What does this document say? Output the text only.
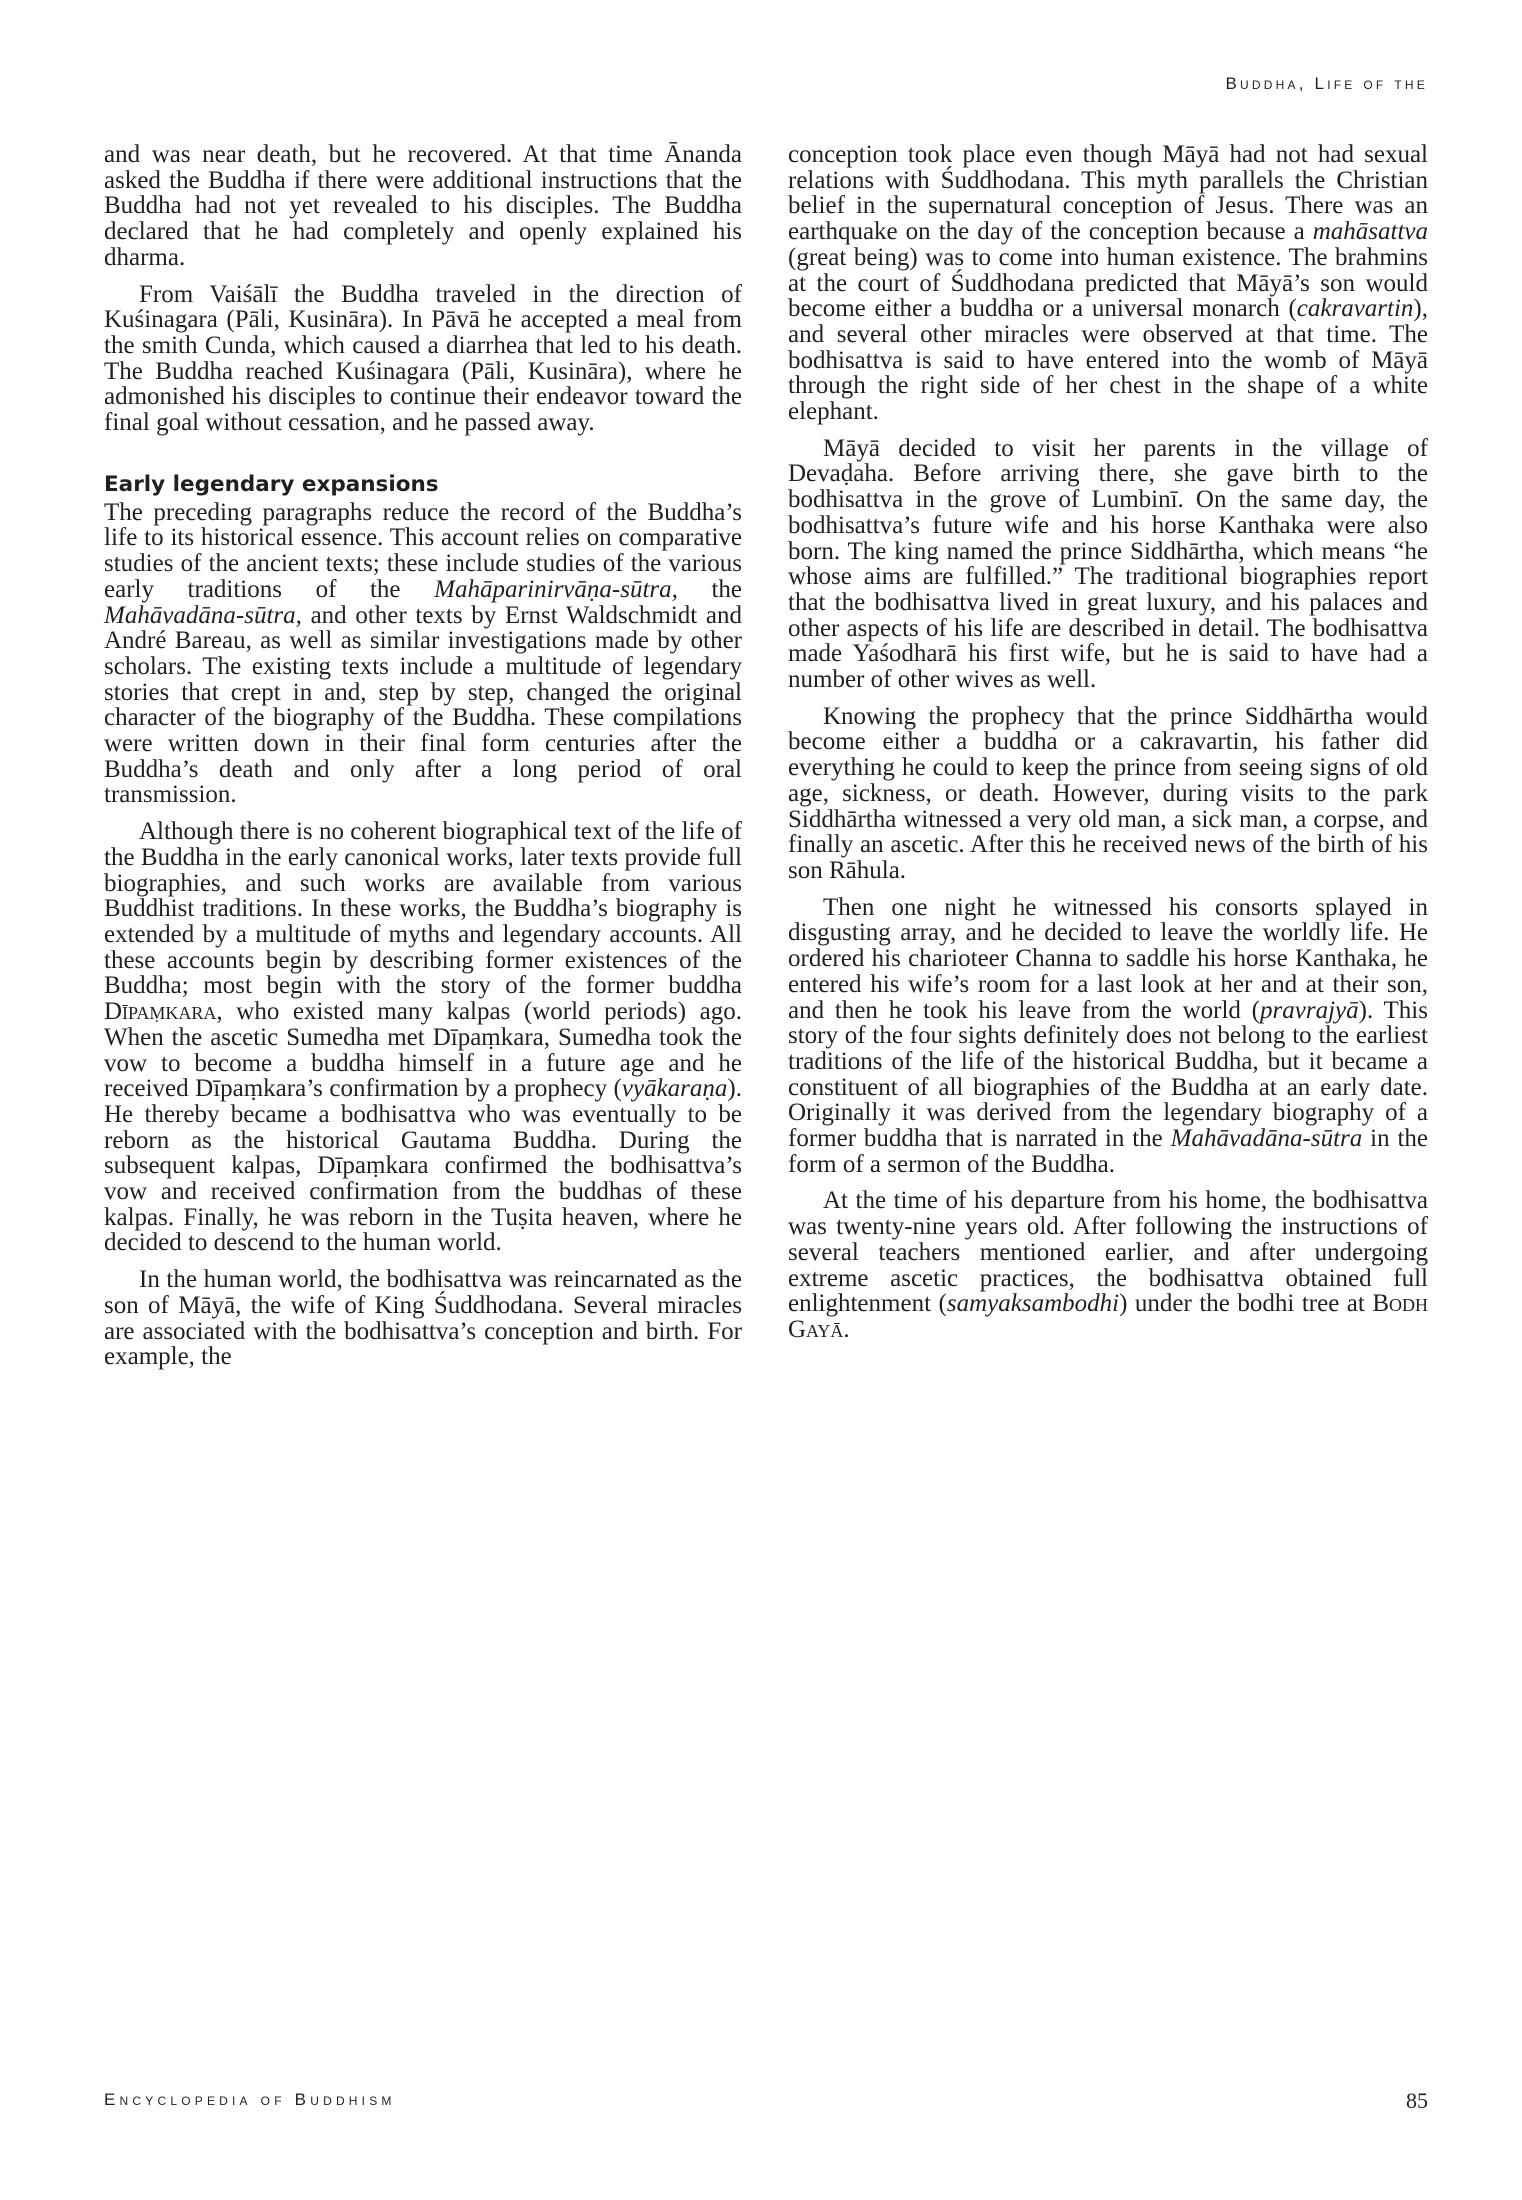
Buddha, Life of the

and was near death, but he recovered. At that time Ānanda asked the Buddha if there were additional instructions that the Buddha had not yet revealed to his disciples. The Buddha declared that he had completely and openly explained his dharma.

From Vaiśālī the Buddha traveled in the direction of Kuśinagara (Pāli, Kusināra). In Pāvā he accepted a meal from the smith Cunda, which caused a diarrhea that led to his death. The Buddha reached Kuśinagara (Pāli, Kusināra), where he admonished his disciples to continue their endeavor toward the final goal without cessation, and he passed away.

Early legendary expansions

The preceding paragraphs reduce the record of the Buddha’s life to its historical essence. This account relies on comparative studies of the ancient texts; these include studies of the various early traditions of the Mahāparinirvāṇa-sūtra, the Mahāvadāna-sūtra, and other texts by Ernst Waldschmidt and André Bareau, as well as similar investigations made by other scholars. The existing texts include a multitude of legendary stories that crept in and, step by step, changed the original character of the biography of the Buddha. These compilations were written down in their final form centuries after the Buddha’s death and only after a long period of oral transmission.

Although there is no coherent biographical text of the life of the Buddha in the early canonical works, later texts provide full biographies, and such works are available from various Buddhist traditions. In these works, the Buddha’s biography is extended by a multitude of myths and legendary accounts. All these accounts begin by describing former existences of the Buddha; most begin with the story of the former buddha Dīpaṃkara, who existed many kalpas (world periods) ago. When the ascetic Sumedha met Dīpaṃkara, Sumedha took the vow to become a buddha himself in a future age and he received Dīpaṃkara’s confirmation by a prophecy (vyākaraṇa). He thereby became a bodhisattva who was eventually to be reborn as the historical Gautama Buddha. During the subsequent kalpas, Dīpaṃkara confirmed the bodhisattva’s vow and received confirmation from the buddhas of these kalpas. Finally, he was reborn in the Tuṣita heaven, where he decided to descend to the human world.

In the human world, the bodhisattva was reincarnated as the son of Māyā, the wife of King Śuddhodana. Several miracles are associated with the bodhisattva’s conception and birth. For example, the

conception took place even though Māyā had not had sexual relations with Śuddhodana. This myth parallels the Christian belief in the supernatural conception of Jesus. There was an earthquake on the day of the conception because a mahāsattva (great being) was to come into human existence. The brahmins at the court of Śuddhodana predicted that Māyā’s son would become either a buddha or a universal monarch (cakravartin), and several other miracles were observed at that time. The bodhisattva is said to have entered into the womb of Māyā through the right side of her chest in the shape of a white elephant.

Māyā decided to visit her parents in the village of Devaḍaha. Before arriving there, she gave birth to the bodhisattva in the grove of Lumbinī. On the same day, the bodhisattva’s future wife and his horse Kanthaka were also born. The king named the prince Siddhārtha, which means “he whose aims are fulfilled.” The traditional biographies report that the bodhisattva lived in great luxury, and his palaces and other aspects of his life are described in detail. The bodhisattva made Yaśodharā his first wife, but he is said to have had a number of other wives as well.

Knowing the prophecy that the prince Siddhārtha would become either a buddha or a cakravartin, his father did everything he could to keep the prince from seeing signs of old age, sickness, or death. However, during visits to the park Siddhārtha witnessed a very old man, a sick man, a corpse, and finally an ascetic. After this he received news of the birth of his son Rāhula.

Then one night he witnessed his consorts splayed in disgusting array, and he decided to leave the worldly life. He ordered his charioteer Channa to saddle his horse Kanthaka, he entered his wife’s room for a last look at her and at their son, and then he took his leave from the world (pravrajyā). This story of the four sights definitely does not belong to the earliest traditions of the life of the historical Buddha, but it became a constituent of all biographies of the Buddha at an early date. Originally it was derived from the legendary biography of a former buddha that is narrated in the Mahāvadāna-sūtra in the form of a sermon of the Buddha.

At the time of his departure from his home, the bodhisattva was twenty-nine years old. After following the instructions of several teachers mentioned earlier, and after undergoing extreme ascetic practices, the bodhisattva obtained full enlightenment (samyaksambodhi) under the bodhi tree at Bodh Gayā.

Encyclopedia of Buddhism	85
